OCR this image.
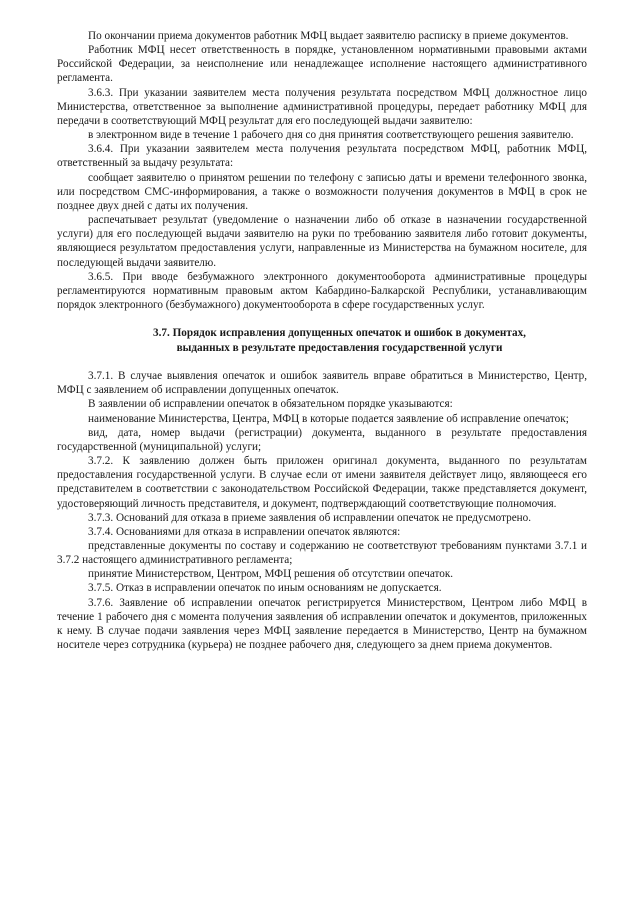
По окончании приема документов работник МФЦ выдает заявителю расписку в приеме документов.

Работник МФЦ несет ответственность в порядке, установленном нормативными правовыми актами Российской Федерации, за неисполнение или ненадлежащее исполнение настоящего административного регламента.

3.6.3. При указании заявителем места получения результата посредством МФЦ должностное лицо Министерства, ответственное за выполнение административной процедуры, передает работнику МФЦ для передачи в соответствующий МФЦ результат для его последующей выдачи заявителю:

в электронном виде в течение 1 рабочего дня со дня принятия соответствующего решения заявителю.

3.6.4. При указании заявителем места получения результата посредством МФЦ, работник МФЦ, ответственный за выдачу результата:

сообщает заявителю о принятом решении по телефону с записью даты и времени телефонного звонка, или посредством СМС-информирования, а также о возможности получения документов в МФЦ в срок не позднее двух дней с даты их получения.

распечатывает результат (уведомление о назначении либо об отказе в назначении государственной услуги) для его последующей выдачи заявителю на руки по требованию заявителя либо готовит документы, являющиеся результатом предоставления услуги, направленные из Министерства на бумажном носителе, для последующей выдачи заявителю.

3.6.5. При вводе безбумажного электронного документооборота административные процедуры регламентируются нормативным правовым актом Кабардино-Балкарской Республики, устанавливающим порядок электронного (безбумажного) документооборота в сфере государственных услуг.

3.7. Порядок исправления допущенных опечаток и ошибок в документах,
выданных в результате предоставления государственной услуги

3.7.1. В случае выявления опечаток и ошибок заявитель вправе обратиться в Министерство, Центр, МФЦ с заявлением об исправлении допущенных опечаток.

В заявлении об исправлении опечаток в обязательном порядке указываются:

наименование Министерства, Центра, МФЦ в которые подается заявление об исправление опечаток;

вид, дата, номер выдачи (регистрации) документа, выданного в результате предоставления государственной (муниципальной) услуги;

3.7.2. К заявлению должен быть приложен оригинал документа, выданного по результатам предоставления государственной услуги. В случае если от имени заявителя действует лицо, являющееся его представителем в соответствии с законодательством Российской Федерации, также представляется документ, удостоверяющий личность представителя, и документ, подтверждающий соответствующие полномочия.

3.7.3. Оснований для отказа в приеме заявления об исправлении опечаток не предусмотрено.

3.7.4. Основаниями для отказа в исправлении опечаток являются:

представленные документы по составу и содержанию не соответствуют требованиям пунктами 3.7.1 и 3.7.2 настоящего административного регламента;

принятие Министерством, Центром, МФЦ решения об отсутствии опечаток.

3.7.5. Отказ в исправлении опечаток по иным основаниям не допускается.

3.7.6. Заявление об исправлении опечаток регистрируется Министерством, Центром либо МФЦ в течение 1 рабочего дня с момента получения заявления об исправлении опечаток и документов, приложенных к нему. В случае подачи заявления через МФЦ заявление передается в Министерство, Центр на бумажном носителе через сотрудника (курьера) не позднее рабочего дня, следующего за днем приема документов.
